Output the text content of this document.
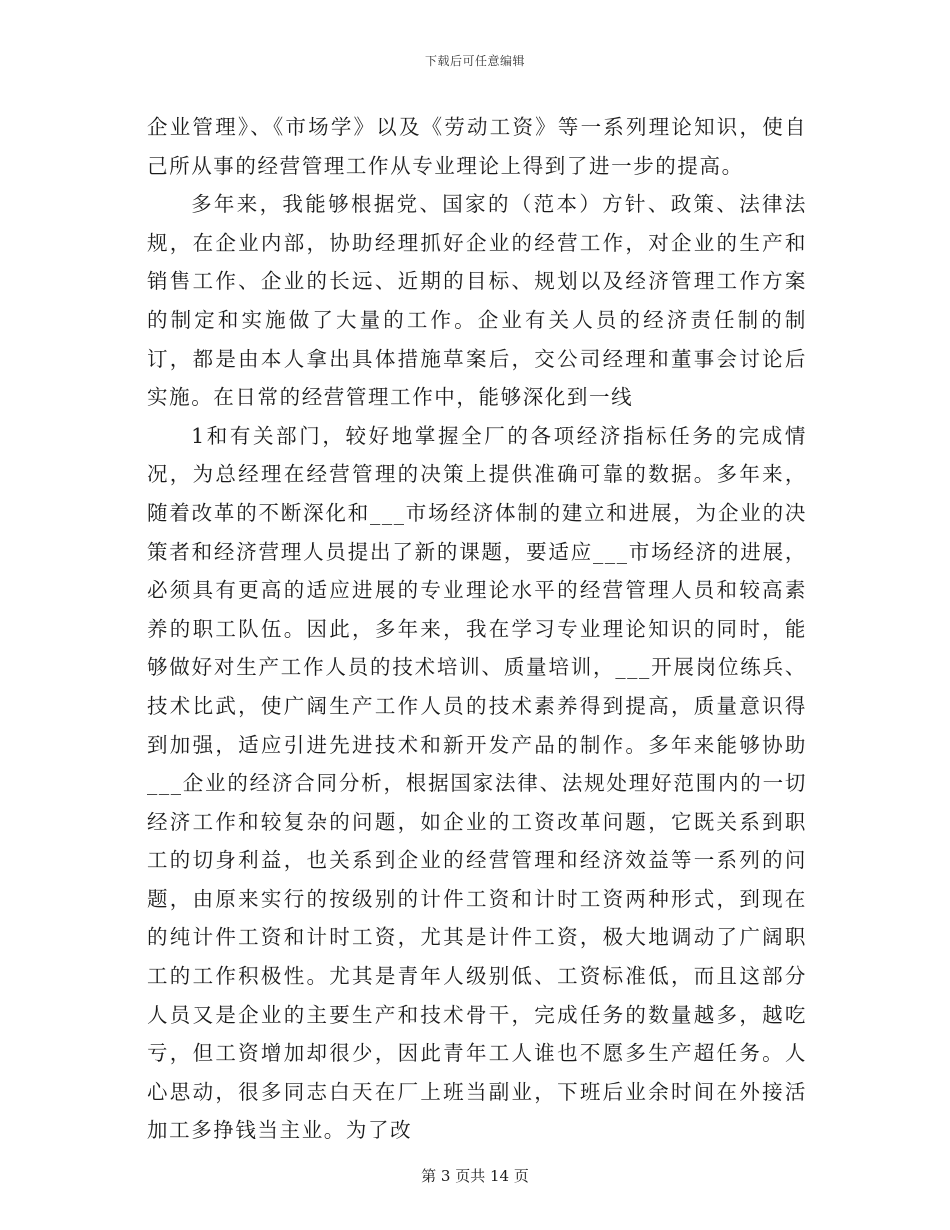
下载后可任意编辑

企业管理》、《市场学》以及《劳动工资》等一系列理论知识，使自己所从事的经营管理工作从专业理论上得到了进一步的提高。

多年来，我能够根据党、国家的（范本）方针、政策、法律法规，在企业内部，协助经理抓好企业的经营工作，对企业的生产和销售工作、企业的长远、近期的目标、规划以及经济管理工作方案的制定和实施做了大量的工作。企业有关人员的经济责任制的制订，都是由本人拿出具体措施草案后，交公司经理和董事会讨论后实施。在日常的经营管理工作中，能够深化到一线

1和有关部门，较好地掌握全厂的各项经济指标任务的完成情况，为总经理在经营管理的决策上提供准确可靠的数据。多年来，随着改革的不断深化和___市场经济体制的建立和进展，为企业的决策者和经济营理人员提出了新的课题，要适应___市场经济的进展，必须具有更高的适应进展的专业理论水平的经营管理人员和较高素养的职工队伍。因此，多年来，我在学习专业理论知识的同时，能够做好对生产工作人员的技术培训、质量培训，___开展岗位练兵、技术比武，使广阔生产工作人员的技术素养得到提高，质量意识得到加强，适应引进先进技术和新开发产品的制作。多年来能够协助___企业的经济合同分析，根据国家法律、法规处理好范围内的一切经济工作和较复杂的问题，如企业的工资改革问题，它既关系到职工的切身利益，也关系到企业的经营管理和经济效益等一系列的问题，由原来实行的按级别的计件工资和计时工资两种形式，到现在的纯计件工资和计时工资，尤其是计件工资，极大地调动了广阔职工的工作积极性。尤其是青年人级别低、工资标准低，而且这部分人员又是企业的主要生产和技术骨干，完成任务的数量越多，越吃亏，但工资增加却很少，因此青年工人谁也不愿多生产超任务。人心思动，很多同志白天在厂上班当副业，下班后业余时间在外接活加工多挣钱当主业。为了改

第 3 页共 14 页
